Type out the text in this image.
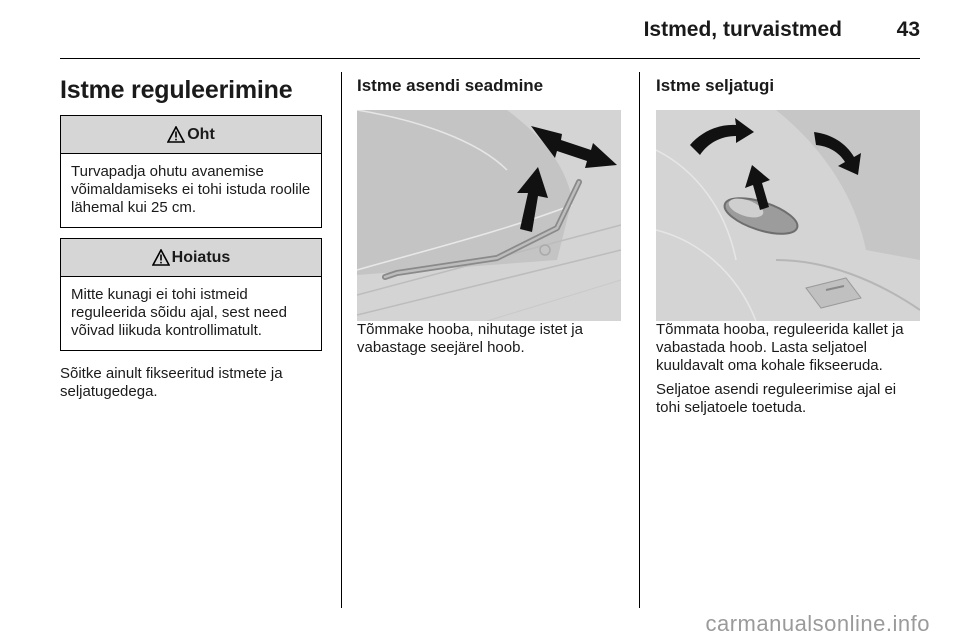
Istmed, turvaistmed	43
Istme reguleerimine
Oht
Turvapadja ohutu avanemise võimaldamiseks ei tohi istuda roolile lähemal kui 25 cm.
Hoiatus
Mitte kunagi ei tohi istmeid reguleerida sõidu ajal, sest need võivad liikuda kontrollimatult.

Sõitke ainult fikseeritud istmete ja seljatugedega.

Istme asendi seadmine

Tõmmake hooba, nihutage istet ja vabastage seejärel hoob.

Istme seljatugi

Tõmmata hooba, reguleerida kallet ja vabastada hoob. Lasta seljatoel kuuldavalt oma kohale fikseeruda.

Seljatoe asendi reguleerimise ajal ei tohi seljatoele toetuda.

carmanualsonline.info
